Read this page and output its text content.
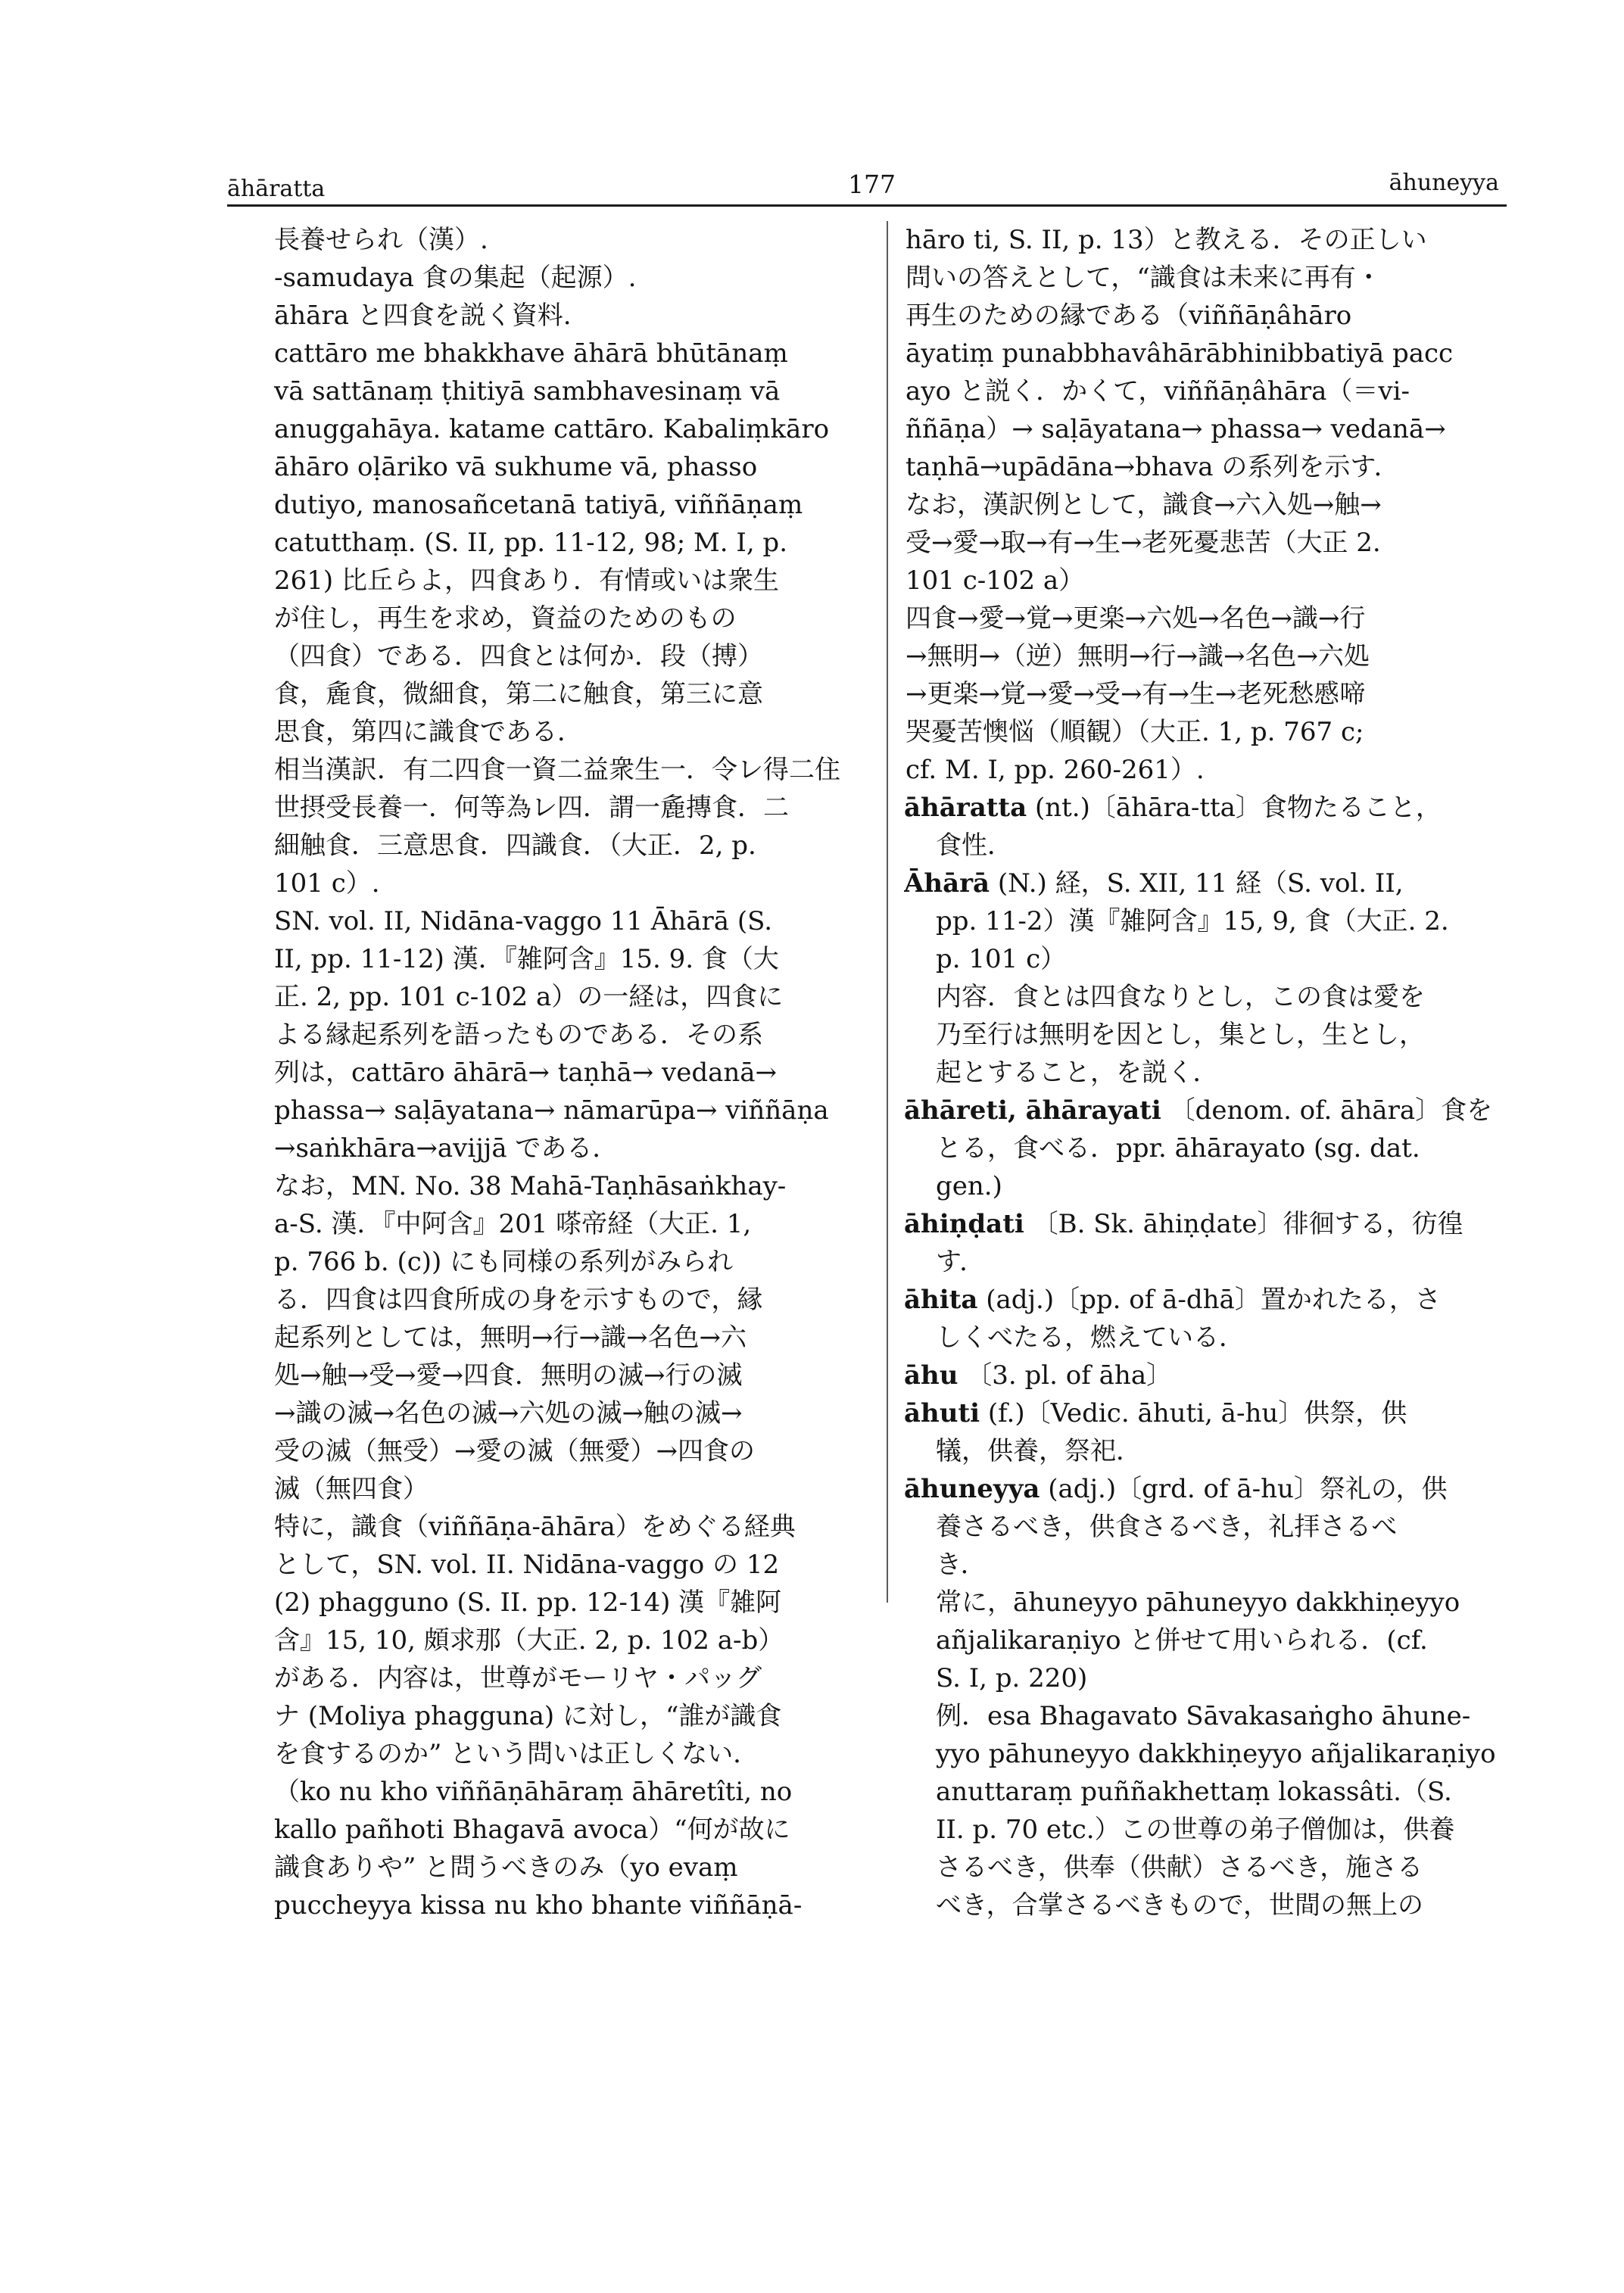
āhāratta	177	āhuneyya
長養せられ（漢）.
-samudaya 食の集起（起源）.
āhāra と四食を説く資料.
cattāro me bhakkhave āhārā bhūtānaṃ
vā sattānaṃ ṭhitiyā sambhavesinaṃ vā
anuggahāya. katame cattāro. Kabaliṃkāro
āhāro oḷāriko vā sukhume vā, phasso
dutiyo, manosañcetanā tatiyā, viññāṇaṃ
catutthaṃ. (S. II, pp. 11-12, 98; M. I, p.
261) 比丘らよ，四食あり．有情或いは衆生
が住し，再生を求め，資益のためのもの
（四食）である．四食とは何か．段（搏）
食，麁食，微細食，第二に触食，第三に意
思食，第四に識食である．
相当漢訳．有二四食一資二益衆生一．令レ得二住
世摂受長養一．何等為レ四．謂一麁摶食．二
細触食．三意思食．四識食．（大正．2, p.
101 c）.
SN. vol. II, Nidāna-vaggo 11 Āhārā (S.
II, pp. 11-12) 漢．『雑阿含』15. 9. 食（大
正. 2, pp. 101 c-102 a）の一経は，四食に
よる縁起系列を語ったものである．その系
列は，cattāro āhārā→ taṇhā→ vedanā→
phassa→ saḷāyatana→ nāmarūpa→ viññāṇa
→saṅkhāra→avijjā である．
なお，MN. No. 38 Mahā-Taṇhāsaṅkhay-
a-S. 漢．『中阿含』201 嗏帝経（大正. 1,
p. 766 b. (c)) にも同様の系列がみられ
る．四食は四食所成の身を示すもので，縁
起系列としては，無明→行→識→名色→六
処→触→受→愛→四食．無明の滅→行の滅
→識の滅→名色の滅→六処の滅→触の滅→
受の滅（無受）→愛の滅（無愛）→四食の
滅（無四食）
特に，識食（viññāṇa-āhāra）をめぐる経典
として，SN. vol. II. Nidāna-vaggo の 12
(2) phagguno (S. II. pp. 12-14) 漢『雑阿
含』15, 10, 頗求那（大正. 2, p. 102 a-b）
がある．内容は，世尊がモーリヤ・パッグ
ナ (Moliya phagguna) に対し，“誰が識食
を食するのか” という問いは正しくない．
（ko nu kho viññāṇāhāraṃ āhāretîti, no
kallo pañhoti Bhagavā avoca）“何が故に
識食ありや” と問うべきのみ（yo evaṃ
puccheyya kissa nu kho bhante viññāṇā-
hāro ti, S. II, p. 13）と教える．その正しい
問いの答えとして，“識食は未来に再有・
再生のための縁である（viññāṇâhāro
āyatiṃ punabbhavâhārābhinibbatiyā pacc
ayo と説く．かくて，viññāṇâhāra（＝vi-
ññāṇa）→ saḷāyatana→ phassa→ vedanā→
taṇhā→upādāna→bhava の系列を示す．
なお，漢訳例として，識食→六入処→触→
受→愛→取→有→生→老死憂悲苦（大正 2.
101 c-102 a）
四食→愛→覚→更楽→六処→名色→識→行
→無明→（逆）無明→行→識→名色→六処
→更楽→覚→愛→受→有→生→老死愁慼啼
哭憂苦懊悩（順観）（大正. 1, p. 767 c;
cf. M. I, pp. 260-261）.
āhāratta (nt.)〔āhāra-tta〕食物たること，
食性．
Āhārā (N.) 経，S. XII, 11 経（S. vol. II,
pp. 11-2）漢『雑阿含』15, 9, 食（大正. 2.
p. 101 c）
内容．食とは四食なりとし，この食は愛を
乃至行は無明を因とし，集とし，生とし，
起とすること，を説く．
āhāreti, āhārayati 〔denom. of. āhāra〕食を
とる，食べる．ppr. āhārayato (sg. dat.
gen.)
āhiṇḍati 〔B. Sk. āhiṇḍate〕徘徊する，彷徨
す．
āhita (adj.)〔pp. of ā-dhā〕置かれたる，さ
しくべたる，燃えている．
āhu 〔3. pl. of āha〕
āhuti (f.)〔Vedic. āhuti, ā-hu〕供祭，供
犠，供養，祭祀．
āhuneyya (adj.)〔grd. of ā-hu〕祭礼の，供
養さるべき，供食さるべき，礼拝さるべ
き．
常に，āhuneyyo pāhuneyyo dakkhiṇeyyo
añjalikaraṇiyo と併せて用いられる．(cf.
S. I, p. 220)
例．esa Bhagavato Sāvakasaṅgho āhune-
yyo pāhuneyyo dakkhiṇeyyo añjalikaraṇiyo
anuttaraṃ puññakhettaṃ lokassâti.（S.
II. p. 70 etc.）この世尊の弟子僧伽は，供養
さるべき，供奉（供献）さるべき，施さる
べき，合掌さるべきもので，世間の無上の
